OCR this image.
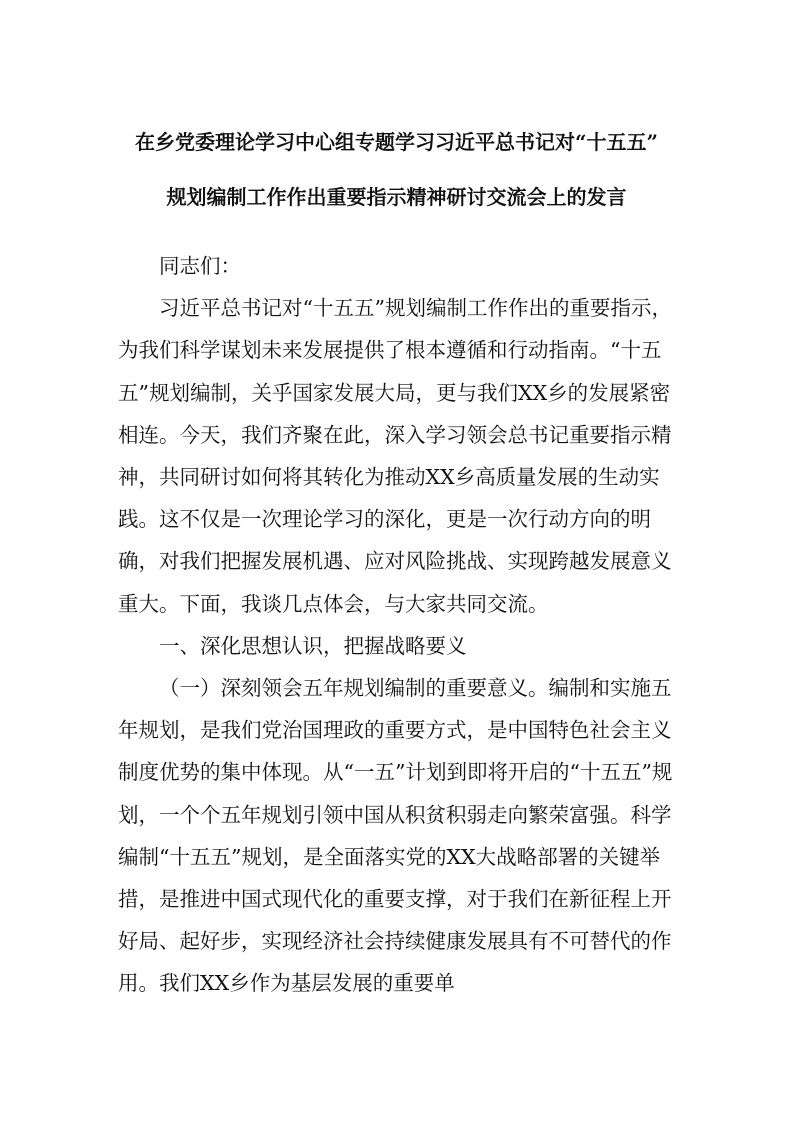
在乡党委理论学习中心组专题学习习近平总书记对“十五五”
规划编制工作作出重要指示精神研讨交流会上的发言

同志们：

习近平总书记对“十五五”规划编制工作作出的重要指示，为我们科学谋划未来发展提供了根本遵循和行动指南。“十五五”规划编制，关乎国家发展大局，更与我们XX乡的发展紧密相连。今天，我们齐聚在此，深入学习领会总书记重要指示精神，共同研讨如何将其转化为推动XX乡高质量发展的生动实践。这不仅是一次理论学习的深化，更是一次行动方向的明确，对我们把握发展机遇、应对风险挑战、实现跨越发展意义重大。下面，我谈几点体会，与大家共同交流。

一、深化思想认识，把握战略要义

（一）深刻领会五年规划编制的重要意义。编制和实施五年规划，是我们党治国理政的重要方式，是中国特色社会主义制度优势的集中体现。从“一五”计划到即将开启的“十五五”规划，一个个五年规划引领中国从积贫积弱走向繁荣富强。科学编制“十五五”规划，是全面落实党的XX大战略部署的关键举措，是推进中国式现代化的重要支撑，对于我们在新征程上开好局、起好步，实现经济社会持续健康发展具有不可替代的作用。我们XX乡作为基层发展的重要单
